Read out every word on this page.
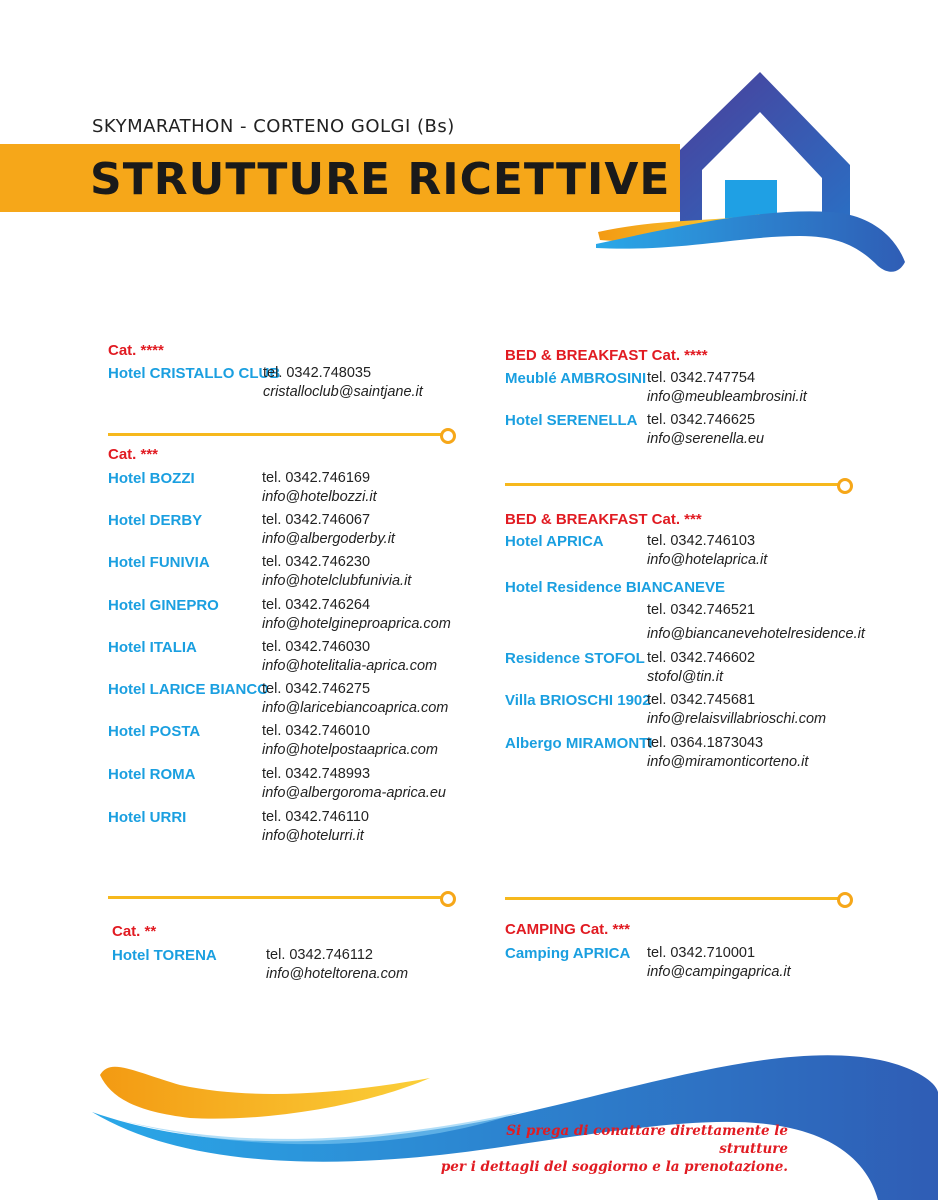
SKYMARATHON - CORTENO GOLGI (Bs)
STRUTTURE RICETTIVE
Cat. ****
Hotel CRISTALLO CLUB
tel. 0342.748035
cristalloclub@saintjane.it
Cat. ***
Hotel BOZZI	tel. 0342.746169
info@hotelbozzi.it
Hotel DERBY	tel. 0342.746067
info@albergoderby.it
Hotel FUNIVIA	tel. 0342.746230
info@hotelclubfunivia.it
Hotel GINEPRO	tel. 0342.746264
info@hotelgineproaprica.com
Hotel ITALIA	tel. 0342.746030
info@hotelitalia-aprica.com
Hotel LARICE BIANCO
tel. 0342.746275
info@laricebiancoaprica.com
Hotel POSTA	tel. 0342.746010
info@hotelpostaaprica.com
Hotel ROMA	tel. 0342.748993
info@albergoroma-aprica.eu
Hotel URRI	tel. 0342.746110
info@hotelurri.it
Cat. **
Hotel TORENA	tel. 0342.746112
info@hoteltorena.com
BED & BREAKFAST Cat. ****
Meublé AMBROSINI tel. 0342.747754
info@meubleambrosini.it
Hotel SERENELLA tel. 0342.746625
info@serenella.eu
BED & BREAKFAST Cat. ***
Hotel APRICA	tel. 0342.746103
info@hotelaprica.it
Hotel Residence BIANCANEVE
tel. 0342.746521
info@biancanevehotelresidence.it
Residence STOFOL tel. 0342.746602
stofol@tin.it
Villa BRIOSCHI 1902
tel. 0342.745681
info@relaisvillabrioschi.com
Albergo MIRAMONTI
tel. 0364.1873043
info@miramonticorteno.it
CAMPING Cat. ***
Camping APRICA tel. 0342.710001
info@campingaprica.it
Si prega di conattare direttamente le strutture
per i dettagli del soggiorno e la prenotazione.
